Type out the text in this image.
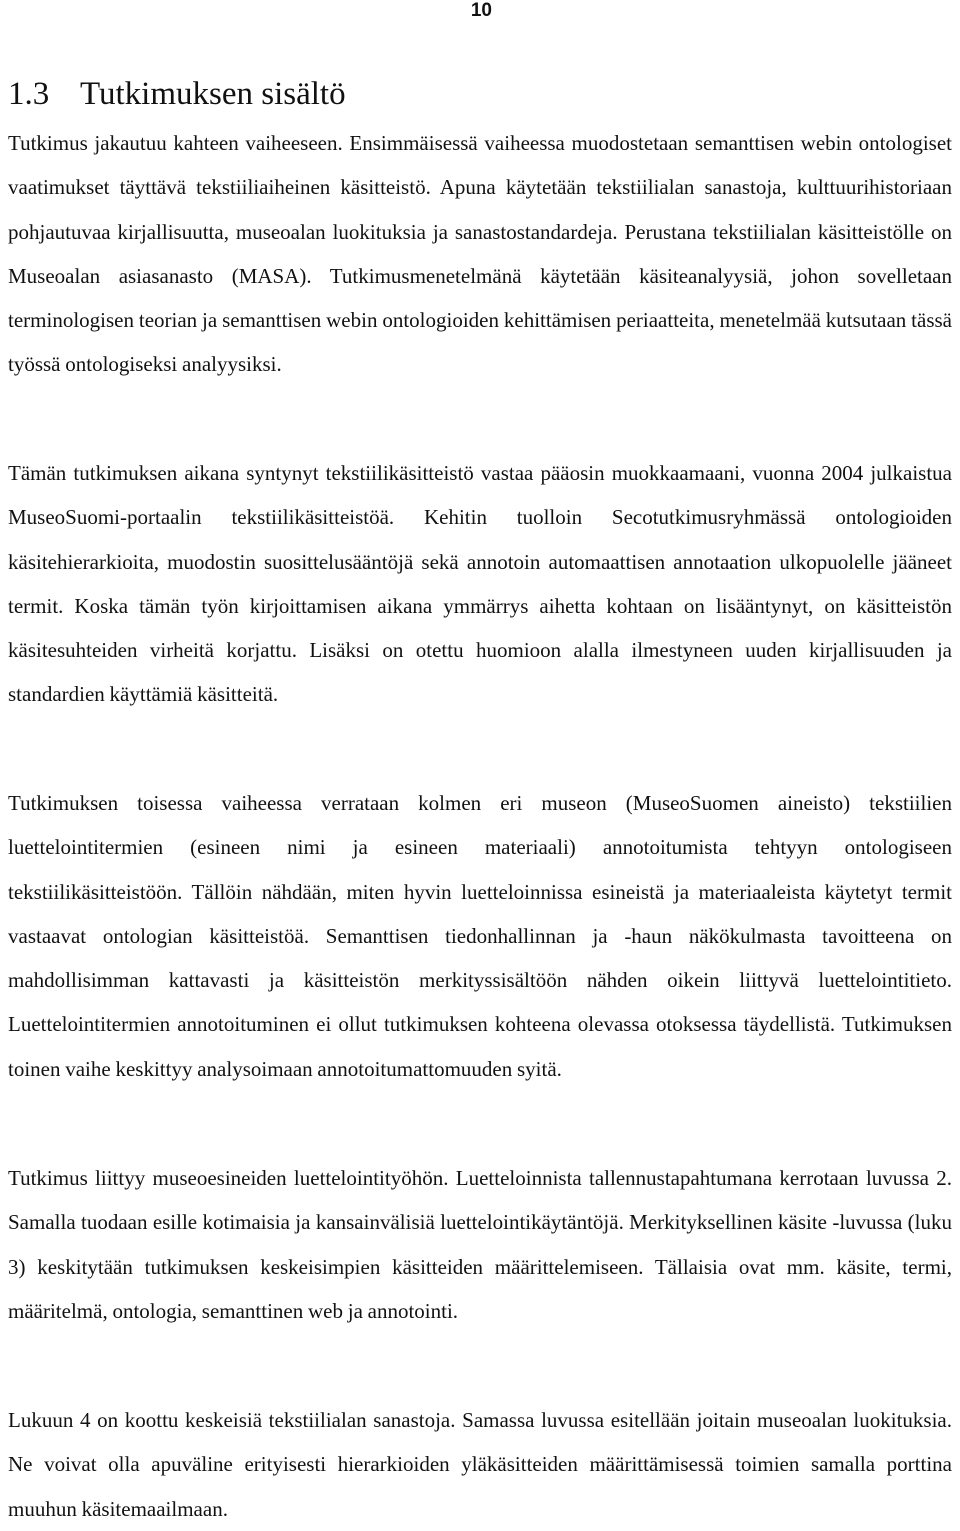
10
1.3 Tutkimuksen sisältö

Tutkimus jakautuu kahteen vaiheeseen. Ensimmäisessä vaiheessa muodostetaan semanttisen webin ontologiset vaatimukset täyttävä tekstiiliaiheinen käsitteistö. Apuna käytetään tekstiilialan sanastoja, kulttuurihistoriaan pohjautuvaa kirjallisuutta, museoalan luokituksia ja sanastostandardeja. Perustana tekstiilialan käsitteistölle on Museoalan asiasanasto (MASA). Tutkimusmenetelmänä käytetään käsiteanalyysiä, johon sovelletaan terminologisen teorian ja semanttisen webin ontologioiden kehittämisen periaatteita, menetelmää kutsutaan tässä työssä ontologiseksi analyysiksi.

Tämän tutkimuksen aikana syntynyt tekstiilikäsitteistö vastaa pääosin muokkaamaani, vuonna 2004 julkaistua MuseoSuomi-portaalin tekstiilikäsitteistöä. Kehitin tuolloin Secotutkimusryhmässä ontologioiden käsitehierarkioita, muodostin suosittelusääntöjä sekä annotoin automaattisen annotaation ulkopuolelle jääneet termit. Koska tämän työn kirjoittamisen aikana ymmärrys aihetta kohtaan on lisääntynyt, on käsitteistön käsitesuhteiden virheitä korjattu. Lisäksi on otettu huomioon alalla ilmestyneen uuden kirjallisuuden ja standardien käyttämiä käsitteitä.

Tutkimuksen toisessa vaiheessa verrataan kolmen eri museon (MuseoSuomen aineisto) tekstiilien luettelointitermien (esineen nimi ja esineen materiaali) annotoitumista tehtyyn ontologiseen tekstiilikäsitteistöön. Tällöin nähdään, miten hyvin luetteloinnissa esineistä ja materiaaleista käytetyt termit vastaavat ontologian käsitteistöä. Semanttisen tiedonhallinnan ja -haun näkökulmasta tavoitteena on mahdollisimman kattavasti ja käsitteistön merkityssisältöön nähden oikein liittyvä luettelointitieto. Luettelointitermien annotoituminen ei ollut tutkimuksen kohteena olevassa otoksessa täydellistä. Tutkimuksen toinen vaihe keskittyy analysoimaan annotoitumattomuuden syitä.

Tutkimus liittyy museoesineiden luettelointityöhön. Luetteloinnista tallennustapahtumana kerrotaan luvussa 2. Samalla tuodaan esille kotimaisia ja kansainvälisiä luettelointikäytäntöjä. Merkityksellinen käsite -luvussa (luku 3) keskitytään tutkimuksen keskeisimpien käsitteiden määrittelemiseen. Tällaisia ovat mm. käsite, termi, määritelmä, ontologia, semanttinen web ja annotointi.

Lukuun 4 on koottu keskeisiä tekstiilialan sanastoja. Samassa luvussa esitellään joitain museoalan luokituksia. Ne voivat olla apuväline erityisesti hierarkioiden yläkäsitteiden määrittämisessä toimien samalla porttina muuhun käsitemaailmaan.
